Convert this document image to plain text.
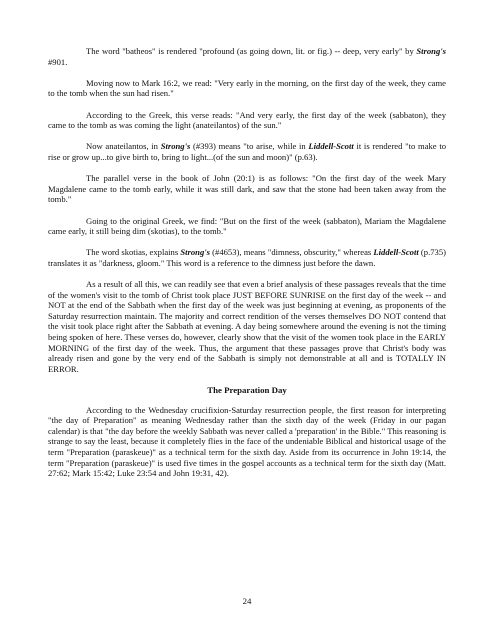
The word "batheos" is rendered "profound (as going down, lit. or fig.) -- deep, very early" by Strong's #901.

Moving now to Mark 16:2, we read: "Very early in the morning, on the first day of the week, they came to the tomb when the sun had risen."

According to the Greek, this verse reads: "And very early, the first day of the week (sabbaton), they came to the tomb as was coming the light (anateilantos) of the sun."

Now anateilantos, in Strong's (#393) means "to arise, while in Liddell-Scott it is rendered "to make to rise or grow up...to give birth to, bring to light...(of the sun and moon)" (p.63).

The parallel verse in the book of John (20:1) is as follows: "On the first day of the week Mary Magdalene came to the tomb early, while it was still dark, and saw that the stone had been taken away from the tomb."

Going to the original Greek, we find: "But on the first of the week (sabbaton), Mariam the Magdalene came early, it still being dim (skotias), to the tomb."

The word skotias, explains Strong's (#4653), means "dimness, obscurity," whereas Liddell-Scott (p.735) translates it as "darkness, gloom." This word is a reference to the dimness just before the dawn.

As a result of all this, we can readily see that even a brief analysis of these passages reveals that the time of the women's visit to the tomb of Christ took place JUST BEFORE SUNRISE on the first day of the week -- and NOT at the end of the Sabbath when the first day of the week was just beginning at evening, as proponents of the Saturday resurrection maintain. The majority and correct rendition of the verses themselves DO NOT contend that the visit took place right after the Sabbath at evening. A day being somewhere around the evening is not the timing being spoken of here. These verses do, however, clearly show that the visit of the women took place in the EARLY MORNING of the first day of the week. Thus, the argument that these passages prove that Christ's body was already risen and gone by the very end of the Sabbath is simply not demonstrable at all and is TOTALLY IN ERROR.

The Preparation Day

According to the Wednesday crucifixion-Saturday resurrection people, the first reason for interpreting "the day of Preparation" as meaning Wednesday rather than the sixth day of the week (Friday in our pagan calendar) is that "the day before the weekly Sabbath was never called a 'preparation' in the Bible." This reasoning is strange to say the least, because it completely flies in the face of the undeniable Biblical and historical usage of the term "Preparation (paraskeue)" as a technical term for the sixth day. Aside from its occurrence in John 19:14, the term "Preparation (paraskeue)" is used five times in the gospel accounts as a technical term for the sixth day (Matt. 27:62; Mark 15:42; Luke 23:54 and John 19:31, 42).

24
